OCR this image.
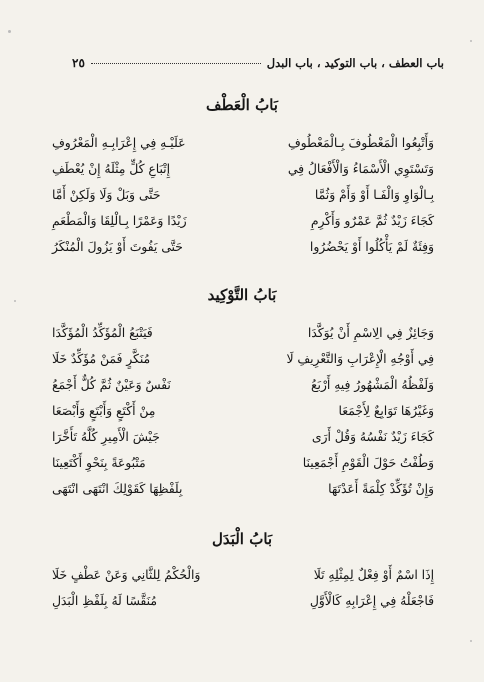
باب العطف ، باب التوكيد ، باب البدل
٢٥
بَابُ الْعَطْف
وَأَتْبِعُوا الْمَعْطُوفَ بِـالْمَعْطُوفِ
عَلَيْـهِ فِي إِعْرَابِـهِ الْمَعْرُوفِ
وَتَسْتَوِي الْأَسْمَاءُ وَالْأَفْعَالُ فِي
إِتْبَاعِ كُلٍّ مِثْلَهُ إِنْ يُعْطَفِ
بِـالْوَاوِ وَالْفَـا أَوْ وَأَمْ وَثُمَّا
حَتَّى وَبَلْ وَلَا وَلَكِنْ أَمَّا
كَجَاءَ زَيْدٌ ثُمَّ عَمْرٌو وَأَكْرِمِ
زَيْدًا وَعَمْرًا بِـالْلِقَا وَالْمَطْعَمِ
وَفِئَةٌ لَمْ يَأْكُلُوا أَوْ يَحْضُرُوا
حَتَّى يَفُوتَ أَوْ يَزُولَ الْمُنْكَرُ
بَابُ التَّوْكِيد
وَجَائِزٌ فِي الِاسْمِ أَنْ يُوَكَّدَا
فَيَتْبَعُ الْمُؤَكِّدُ الْمُؤَكَّدَا
فِي أَوْجُهِ الْإِعْرَابِ وَالتَّعْرِيفِ لَا
مُنَكَّرٍ فَمَنْ مُؤَكِّدٌ خَلَا
وَلَفْظُهُ الْمَشْهُورُ فِيهِ أَرْبَعُ
نَفْسٌ وَعَيْنٌ ثُمَّ كُلٌّ أَجْمَعُ
وَغَيْرُهَا تَوَابِعٌ لِأَجْمَعَا
مِنْ أَكْتَعٍ وَأَبْتَعٍ وَأَبْصَعَا
كَجَاءَ زَيْدٌ نَفْسُهُ وَقُلْ أَرَى
جَيْشَ الْأَمِيرِ كُلَّهُ تَأَخَّرَا
وَطُفْتُ حَوْلَ الْقَوْمِ أَجْمَعِينَا
مَتْبُوعَةً بِنَحْوِ أَكْتَعِينَا
وَإِنْ تُؤَكِّدْ كِلْمَةً أَعَدْتَهَا
بِلَفْظِهَا كَقَوْلِكَ انْتَهَى انْتَهَى
بَابُ الْبَدَل
إِذَا اسْمٌ أَوْ فِعْلٌ لِمِثْلِهِ تَلَا
وَالْحُكْمُ لِلثَّانِي وَعَنْ عَطْفٍ خَلَا
فَاجْعَلْهُ فِي إِعْرَابِهِ كَالْأَوَّلِ
مُنَقَّسًا لَهُ بِلَفْظِ الْبَدَلِ
